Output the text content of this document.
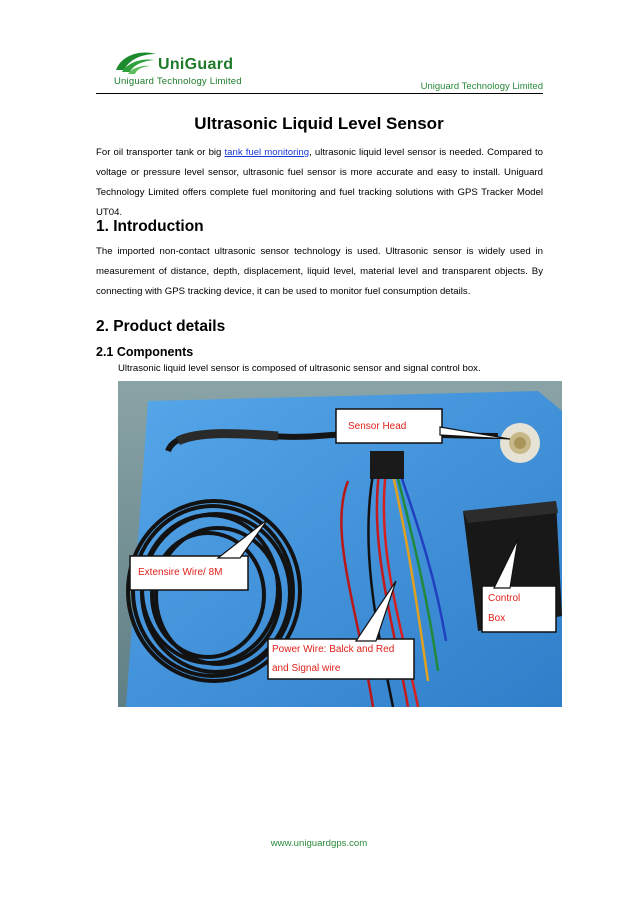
UniGuard
Uniguard Technology Limited	Uniguard Technology Limited
Ultrasonic Liquid Level Sensor

For oil transporter tank or big tank fuel monitoring, ultrasonic liquid level sensor is needed. Compared to voltage or pressure level sensor, ultrasonic fuel sensor is more accurate and easy to install. Uniguard Technology Limited offers complete fuel monitoring and fuel tracking solutions with GPS Tracker Model UT04.

1. Introduction

The imported non-contact ultrasonic sensor technology is used. Ultrasonic sensor is widely used in measurement of distance, depth, displacement, liquid level, material level and transparent objects. By connecting with GPS tracking device, it can be used to monitor fuel consumption details.

2. Product details
2.1 Components
Ultrasonic liquid level sensor is composed of ultrasonic sensor and signal control box.
Sensor Head
Extensire Wire/ 8M
Control
Box
Power Wire: Balck and Red
and Signal wire
www.uniguardgps.com
